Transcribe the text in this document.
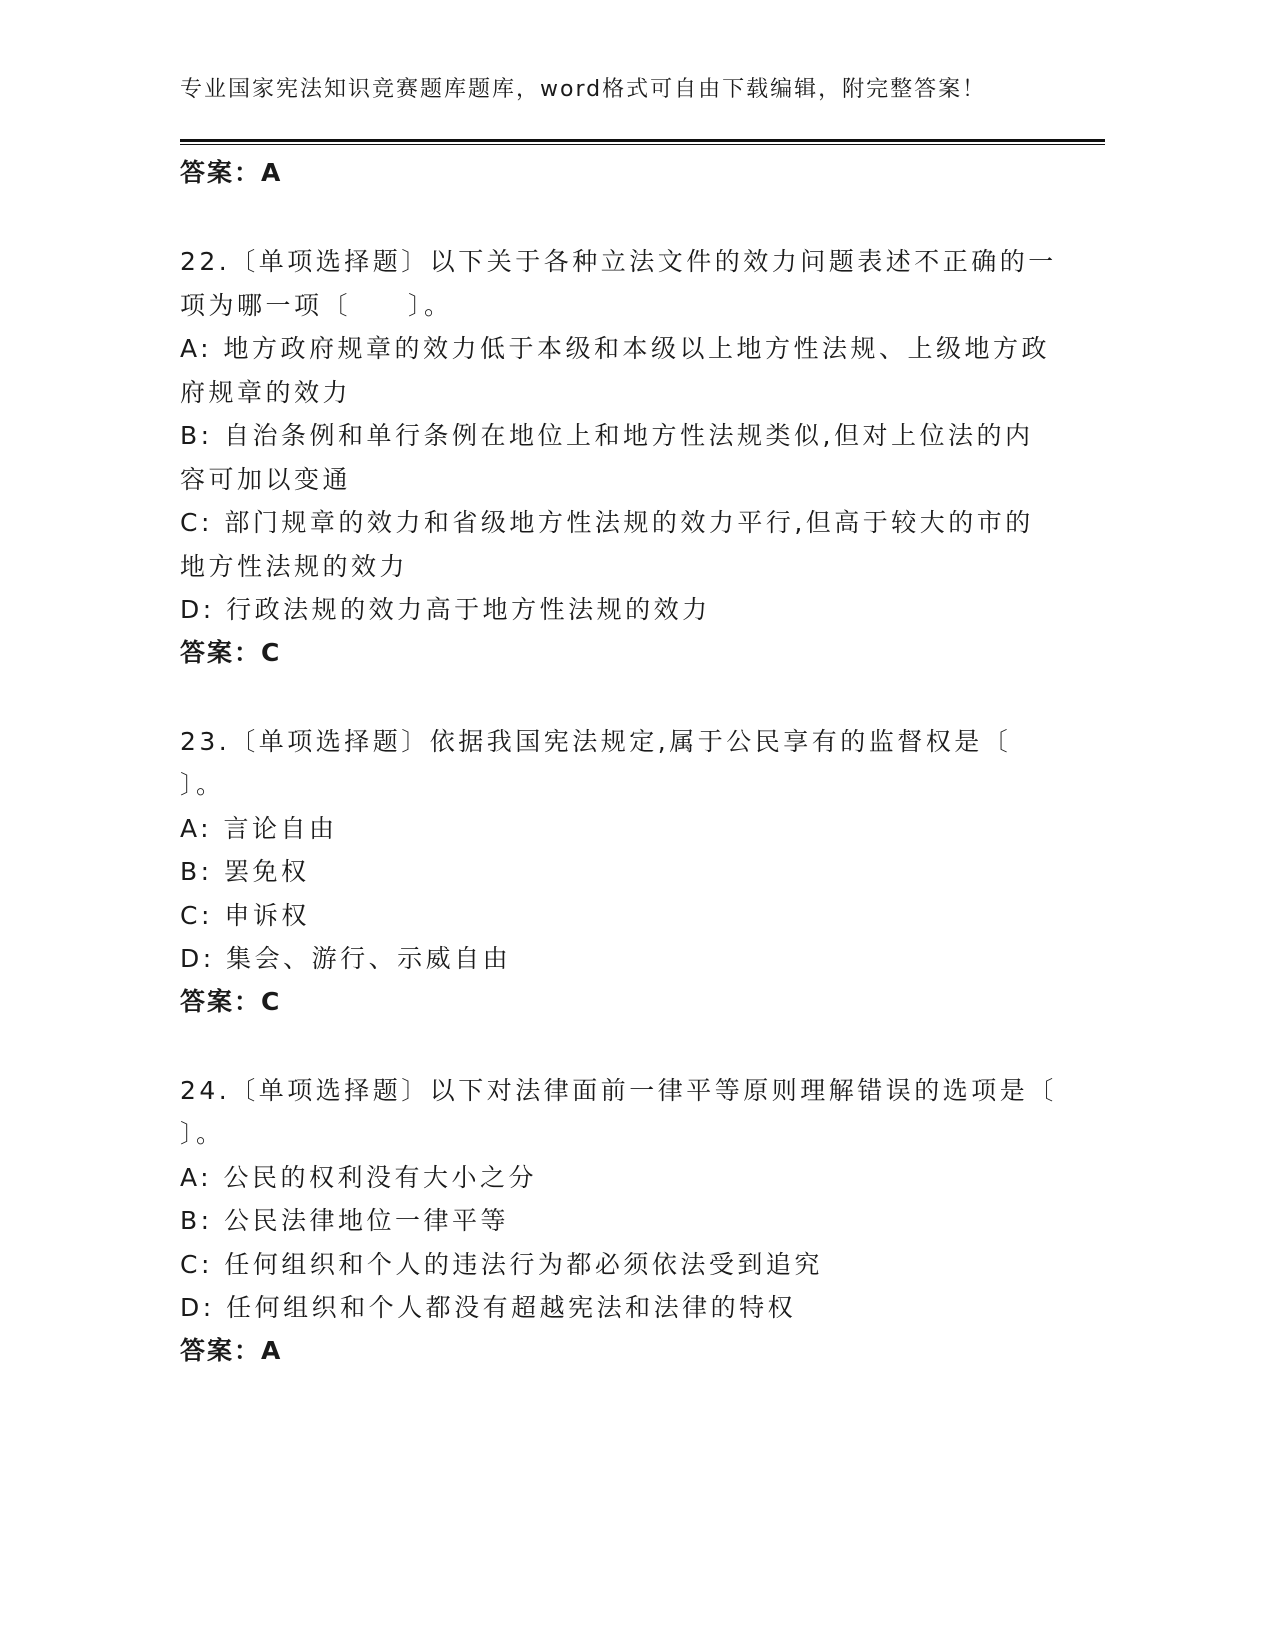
专业国家宪法知识竞赛题库题库，word格式可自由下载编辑，附完整答案！
答案：A
22.〔单项选择题〕以下关于各种立法文件的效力问题表述不正确的一
项为哪一项〔　　〕。
A: 地方政府规章的效力低于本级和本级以上地方性法规、上级地方政
府规章的效力
B: 自治条例和单行条例在地位上和地方性法规类似,但对上位法的内
容可加以变通
C: 部门规章的效力和省级地方性法规的效力平行,但高于较大的市的
地方性法规的效力
D: 行政法规的效力高于地方性法规的效力
答案：C
23.〔单项选择题〕依据我国宪法规定,属于公民享有的监督权是〔
〕。
A: 言论自由
B: 罢免权
C: 申诉权
D: 集会、游行、示威自由
答案：C
24.〔单项选择题〕以下对法律面前一律平等原则理解错误的选项是〔
〕。
A: 公民的权利没有大小之分
B: 公民法律地位一律平等
C: 任何组织和个人的违法行为都必须依法受到追究
D: 任何组织和个人都没有超越宪法和法律的特权
答案：A
